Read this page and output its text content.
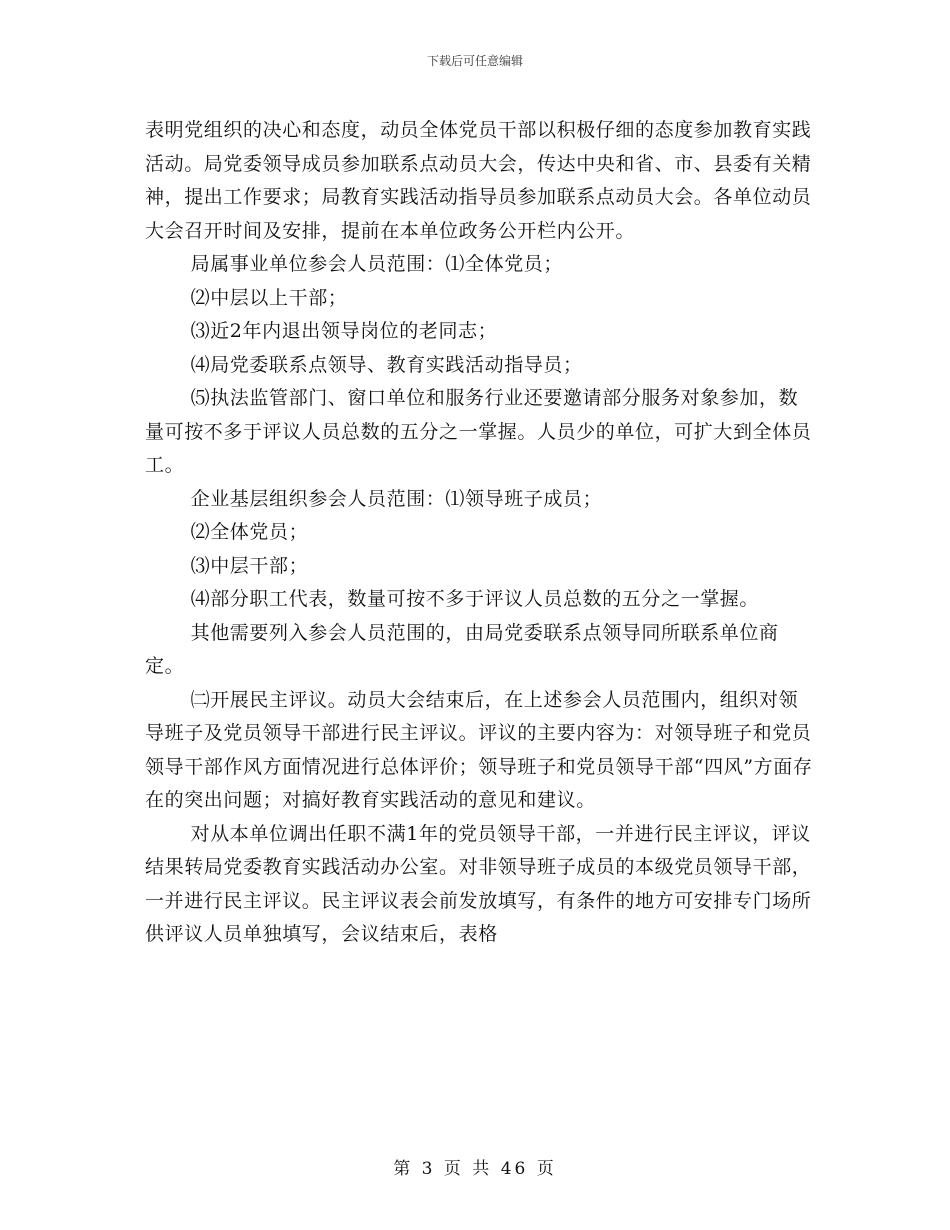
下载后可任意编辑

表明党组织的决心和态度，动员全体党员干部以积极仔细的态度参加教育实践活动。局党委领导成员参加联系点动员大会，传达中央和省、市、县委有关精神，提出工作要求；局教育实践活动指导员参加联系点动员大会。各单位动员大会召开时间及安排，提前在本单位政务公开栏内公开。

局属事业单位参会人员范围：⑴全体党员；

⑵中层以上干部；

⑶近2年内退出领导岗位的老同志；

⑷局党委联系点领导、教育实践活动指导员；

⑸执法监管部门、窗口单位和服务行业还要邀请部分服务对象参加，数量可按不多于评议人员总数的五分之一掌握。人员少的单位，可扩大到全体员工。

企业基层组织参会人员范围：⑴领导班子成员；

⑵全体党员；

⑶中层干部；

⑷部分职工代表，数量可按不多于评议人员总数的五分之一掌握。

其他需要列入参会人员范围的，由局党委联系点领导同所联系单位商定。

㈡开展民主评议。动员大会结束后，在上述参会人员范围内，组织对领导班子及党员领导干部进行民主评议。评议的主要内容为：对领导班子和党员领导干部作风方面情况进行总体评价；领导班子和党员领导干部“四风”方面存在的突出问题；对搞好教育实践活动的意见和建议。

对从本单位调出任职不满1年的党员领导干部，一并进行民主评议，评议结果转局党委教育实践活动办公室。对非领导班子成员的本级党员领导干部，一并进行民主评议。民主评议表会前发放填写，有条件的地方可安排专门场所供评议人员单独填写，会议结束后，表格

第 3 页 共 46 页
